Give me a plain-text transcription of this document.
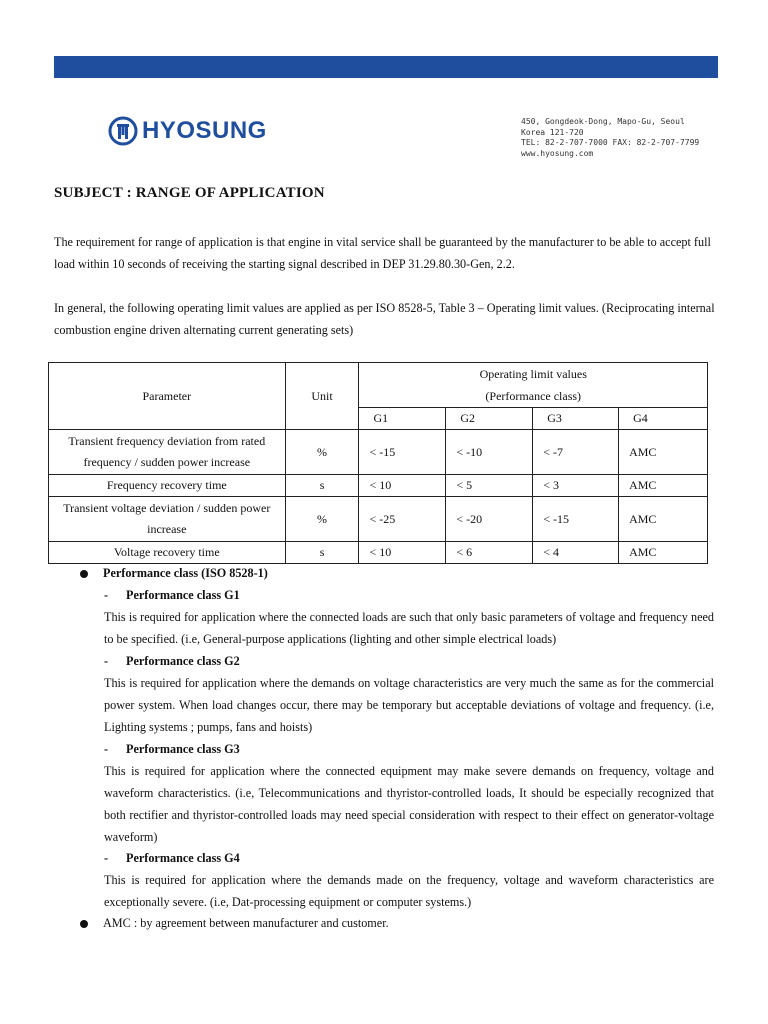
HYOSUNG	450, Gongdeok-Dong, Mapo-Gu, Seoul
Korea 121-720
TEL: 82-2-707-7000 FAX: 82-2-707-7799
www.hyosung.com
SUBJECT : RANGE OF APPLICATION
The requirement for range of application is that engine in vital service shall be guaranteed by the manufacturer to be able to accept full load within 10 seconds of receiving the starting signal described in DEP 31.29.80.30-Gen, 2.2.
In general, the following operating limit values are applied as per ISO 8528-5, Table 3 – Operating limit values. (Reciprocating internal combustion engine driven alternating current generating sets)
Parameter	Unit	Operating limit values
(Performance class)			

		G1	G2	G3	G4
Transient frequency deviation from rated frequency / sudden power increase	%	< -15	< -10	< -7	AMC
Frequency recovery time	s	< 10	< 5	< 3	AMC
Transient voltage deviation / sudden power increase	%	< -25	< -20	< -15	AMC
Voltage recovery time	s	< 10	< 6	< 4	AMC
Performance class (ISO 8528-1)
- Performance class G1
This is required for application where the connected loads are such that only basic parameters of voltage and frequency need to be specified. (i.e, General-purpose applications (lighting and other simple electrical loads)
- Performance class G2
This is required for application where the demands on voltage characteristics are very much the same as for the commercial power system. When load changes occur, there may be temporary but acceptable deviations of voltage and frequency. (i.e, Lighting systems ; pumps, fans and hoists)
- Performance class G3
This is required for application where the connected equipment may make severe demands on frequency, voltage and waveform characteristics. (i.e, Telecommunications and thyristor-controlled loads, It should be especially recognized that both rectifier and thyristor-controlled loads may need special consideration with respect to their effect on generator-voltage waveform)
- Performance class G4
This is required for application where the demands made on the frequency, voltage and waveform characteristics are exceptionally severe. (i.e, Dat-processing equipment or computer systems.)
AMC : by agreement between manufacturer and customer.
